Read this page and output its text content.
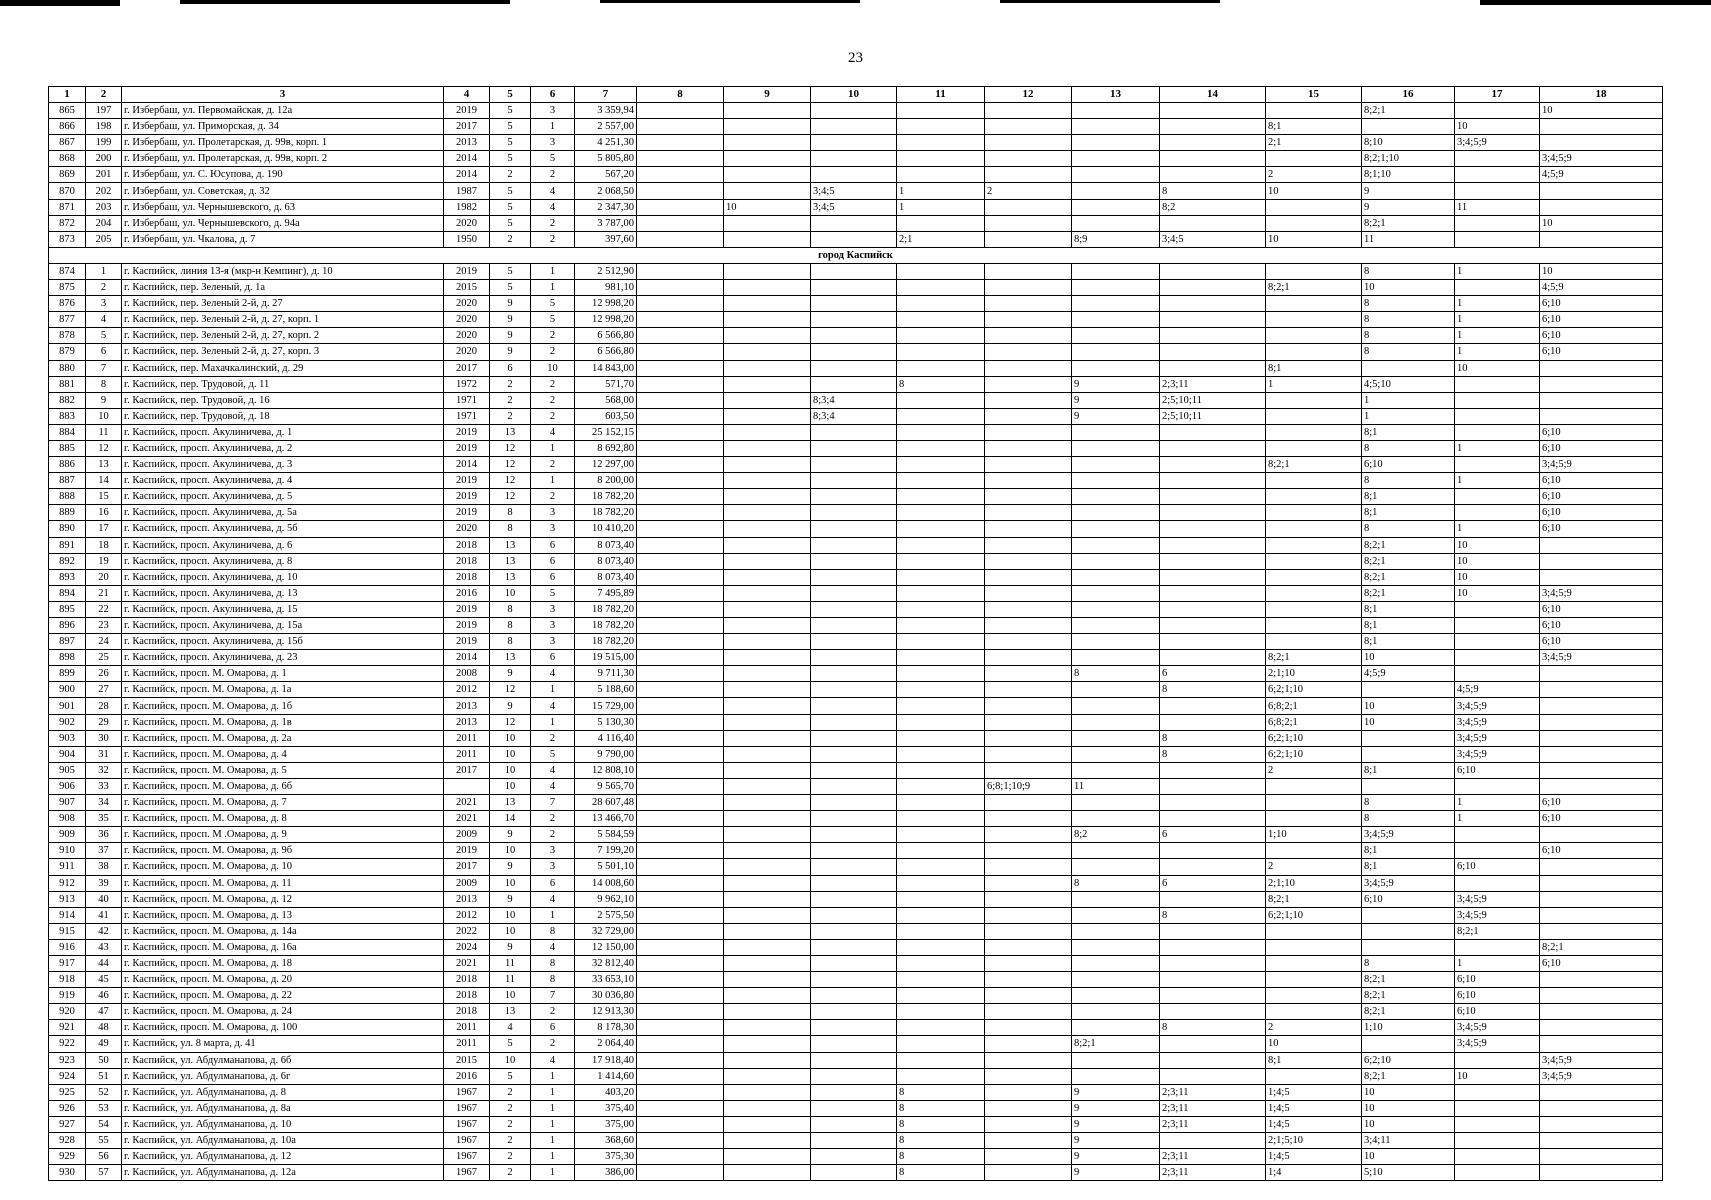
23
1	2	3	4	5	6	7	8	9	10	11	12	13	14	15	16	17	18
865	197	г. Избербаш, ул. Первомайская, д. 12а	2019	5	3	3 359,94									8;2;1		10
866	198	г. Избербаш, ул. Приморская, д. 34	2017	5	1	2 557,00								8;1		10	
867	199	г. Избербаш, ул. Пролетарская, д. 99в, корп. 1	2013	5	3	4 251,30								2;1	8;10	3;4;5;9	
868	200	г. Избербаш, ул. Пролетарская, д. 99в, корп. 2	2014	5	5	5 805,80									8;2;1;10		3;4;5;9
869	201	г. Избербаш, ул. С. Юсупова, д. 190	2014	2	2	567,20								2	8;1;10		4;5;9
870	202	г. Избербаш, ул. Советская, д. 32	1987	5	4	2 068,50			3;4;5	1	2		8	10	9		
871	203	г. Избербаш, ул. Чернышевского, д. 63	1982	5	4	2 347,30		10	3;4;5	1			8;2		9	11	
872	204	г. Избербаш, ул. Чернышевского, д. 94а	2020	5	2	3 787,00									8;2;1		10
873	205	г. Избербаш, ул. Чкалова, д. 7	1950	2	2	397,60				2;1		8;9	3;4;5	10	11		
город Каспийск																	
874	1	г. Каспийск, линия 13-я (мкр-н Кемпинг), д. 10	2019	5	1	2 512,90									8	1	10
875	2	г. Каспийск, пер. Зеленый, д. 1а	2015	5	1	981,10								8;2;1	10		4;5;9
876	3	г. Каспийск, пер. Зеленый 2-й, д. 27	2020	9	5	12 998,20									8	1	6;10
877	4	г. Каспийск, пер. Зеленый 2-й, д. 27, корп. 1	2020	9	5	12 998,20									8	1	6;10
878	5	г. Каспийск, пер. Зеленый 2-й, д. 27, корп. 2	2020	9	2	6 566,80									8	1	6;10
879	6	г. Каспийск, пер. Зеленый 2-й, д. 27, корп. 3	2020	9	2	6 566,80									8	1	6;10
880	7	г. Каспийск, пер. Махачкалинский, д. 29	2017	6	10	14 843,00								8;1		10	
881	8	г. Каспийск, пер. Трудовой, д. 11	1972	2	2	571,70				8		9	2;3;11	1	4;5;10		
882	9	г. Каспийск, пер. Трудовой, д. 16	1971	2	2	568,00			8;3;4			9	2;5;10;11		1		
883	10	г. Каспийск, пер. Трудовой, д. 18	1971	2	2	603,50			8;3;4			9	2;5;10;11		1		
884	11	г. Каспийск, просп. Акулиничева, д. 1	2019	13	4	25 152,15									8;1		6;10
885	12	г. Каспийск, просп. Акулиничева, д. 2	2019	12	1	8 692,80									8	1	6;10
886	13	г. Каспийск, просп. Акулиничева, д. 3	2014	12	2	12 297,00								8;2;1	6;10		3;4;5;9
887	14	г. Каспийск, просп. Акулиничева, д. 4	2019	12	1	8 200,00									8	1	6;10
888	15	г. Каспийск, просп. Акулиничева, д. 5	2019	12	2	18 782,20									8;1		6;10
889	16	г. Каспийск, просп. Акулиничева, д. 5а	2019	8	3	18 782,20									8;1		6;10
890	17	г. Каспийск, просп. Акулиничева, д. 5б	2020	8	3	10 410,20									8	1	6;10
891	18	г. Каспийск, просп. Акулиничева, д. 6	2018	13	6	8 073,40									8;2;1	10	
892	19	г. Каспийск, просп. Акулиничева, д. 8	2018	13	6	8 073,40									8;2;1	10	
893	20	г. Каспийск, просп. Акулиничева, д. 10	2018	13	6	8 073,40									8;2;1	10	
894	21	г. Каспийск, просп. Акулиничева, д. 13	2016	10	5	7 495,89									8;2;1	10	3;4;5;9
895	22	г. Каспийск, просп. Акулиничева, д. 15	2019	8	3	18 782,20									8;1		6;10
896	23	г. Каспийск, просп. Акулиничева, д. 15а	2019	8	3	18 782,20									8;1		6;10
897	24	г. Каспийск, просп. Акулиничева, д. 15б	2019	8	3	18 782,20									8;1		6;10
898	25	г. Каспийск, просп. Акулиничева, д. 23	2014	13	6	19 515,00								8;2;1	10		3;4;5;9
899	26	г. Каспийск, просп. М. Омарова, д. 1	2008	9	4	9 711,30						8	6	2;1;10	4;5;9		
900	27	г. Каспийск, просп. М. Омарова, д. 1а	2012	12	1	5 188,60							8	6;2;1;10		4;5;9	
901	28	г. Каспийск, просп. М. Омарова, д. 1б	2013	9	4	15 729,00								6;8;2;1	10	3;4;5;9	
902	29	г. Каспийск, просп. М. Омарова, д. 1в	2013	12	1	5 130,30								6;8;2;1	10	3;4;5;9	
903	30	г. Каспийск, просп. М. Омарова, д. 2а	2011	10	2	4 116,40							8	6;2;1;10		3;4;5;9	
904	31	г. Каспийск, просп. М. Омарова, д. 4	2011	10	5	9 790,00							8	6;2;1;10		3;4;5;9	
905	32	г. Каспийск, просп. М. Омарова, д. 5	2017	10	4	12 808,10								2	8;1	6;10	
906	33	г. Каспийск, просп. М. Омарова, д. 6б		10	4	9 565,70					6;8;1;10;9	11					
907	34	г. Каспийск, просп. М. Омарова, д. 7	2021	13	7	28 607,48									8	1	6;10
908	35	г. Каспийск, просп. М. Омарова, д. 8	2021	14	2	13 466,70									8	1	6;10
909	36	г. Каспийск, просп. М .Омарова, д. 9	2009	9	2	5 584,59						8;2	6	1;10	3;4;5;9		
910	37	г. Каспийск, просп. М. Омарова, д. 9б	2019	10	3	7 199,20									8;1		6;10
911	38	г. Каспийск, просп. М. Омарова, д. 10	2017	9	3	5 501,10								2	8;1	6;10	
912	39	г. Каспийск, просп. М. Омарова, д. 11	2009	10	6	14 008,60						8	6	2;1;10	3;4;5;9		
913	40	г. Каспийск, просп. М. Омарова, д. 12	2013	9	4	9 962,10								8;2;1	6;10	3;4;5;9	
914	41	г. Каспийск, просп. М. Омарова, д. 13	2012	10	1	2 575,50							8	6;2;1;10		3;4;5;9	
915	42	г. Каспийск, просп. М. Омарова, д. 14а	2022	10	8	32 729,00										8;2;1	
916	43	г. Каспийск, просп. М. Омарова, д. 16а	2024	9	4	12 150,00											8;2;1
917	44	г. Каспийск, просп. М. Омарова, д. 18	2021	11	8	32 812,40									8	1	6;10
918	45	г. Каспийск, просп. М. Омарова, д. 20	2018	11	8	33 653,10									8;2;1	6;10	
919	46	г. Каспийск, просп. М. Омарова, д. 22	2018	10	7	30 036,80									8;2;1	6;10	
920	47	г. Каспийск, просп. М. Омарова, д. 24	2018	13	2	12 913,30									8;2;1	6;10	
921	48	г. Каспийск, просп. М. Омарова, д. 100	2011	4	6	8 178,30							8	2	1;10	3;4;5;9	
922	49	г. Каспийск, ул. 8 марта, д. 41	2011	5	2	2 064,40						8;2;1		10		3;4;5;9	
923	50	г. Каспийск, ул. Абдулманапова, д. 6б	2015	10	4	17 918,40								8;1	6;2;10		3;4;5;9
924	51	г. Каспийск, ул. Абдулманапова, д. 6г	2016	5	1	1 414,60									8;2;1	10	3;4;5;9
925	52	г. Каспийск, ул. Абдулманапова, д. 8	1967	2	1	403,20				8		9	2;3;11	1;4;5	10		
926	53	г. Каспийск, ул. Абдулманапова, д. 8а	1967	2	1	375,40				8		9	2;3;11	1;4;5	10		
927	54	г. Каспийск, ул. Абдулманапова, д. 10	1967	2	1	375,00				8		9	2;3;11	1;4;5	10		
928	55	г. Каспийск, ул. Абдулманапова, д. 10а	1967	2	1	368,60				8		9		2;1;5;10	3;4;11		
929	56	г. Каспийск, ул. Абдулманапова, д. 12	1967	2	1	375,30				8		9	2;3;11	1;4;5	10		
930	57	г. Каспийск, ул. Абдулманапова, д. 12а	1967	2	1	386,00				8		9	2;3;11	1;4	5;10		
